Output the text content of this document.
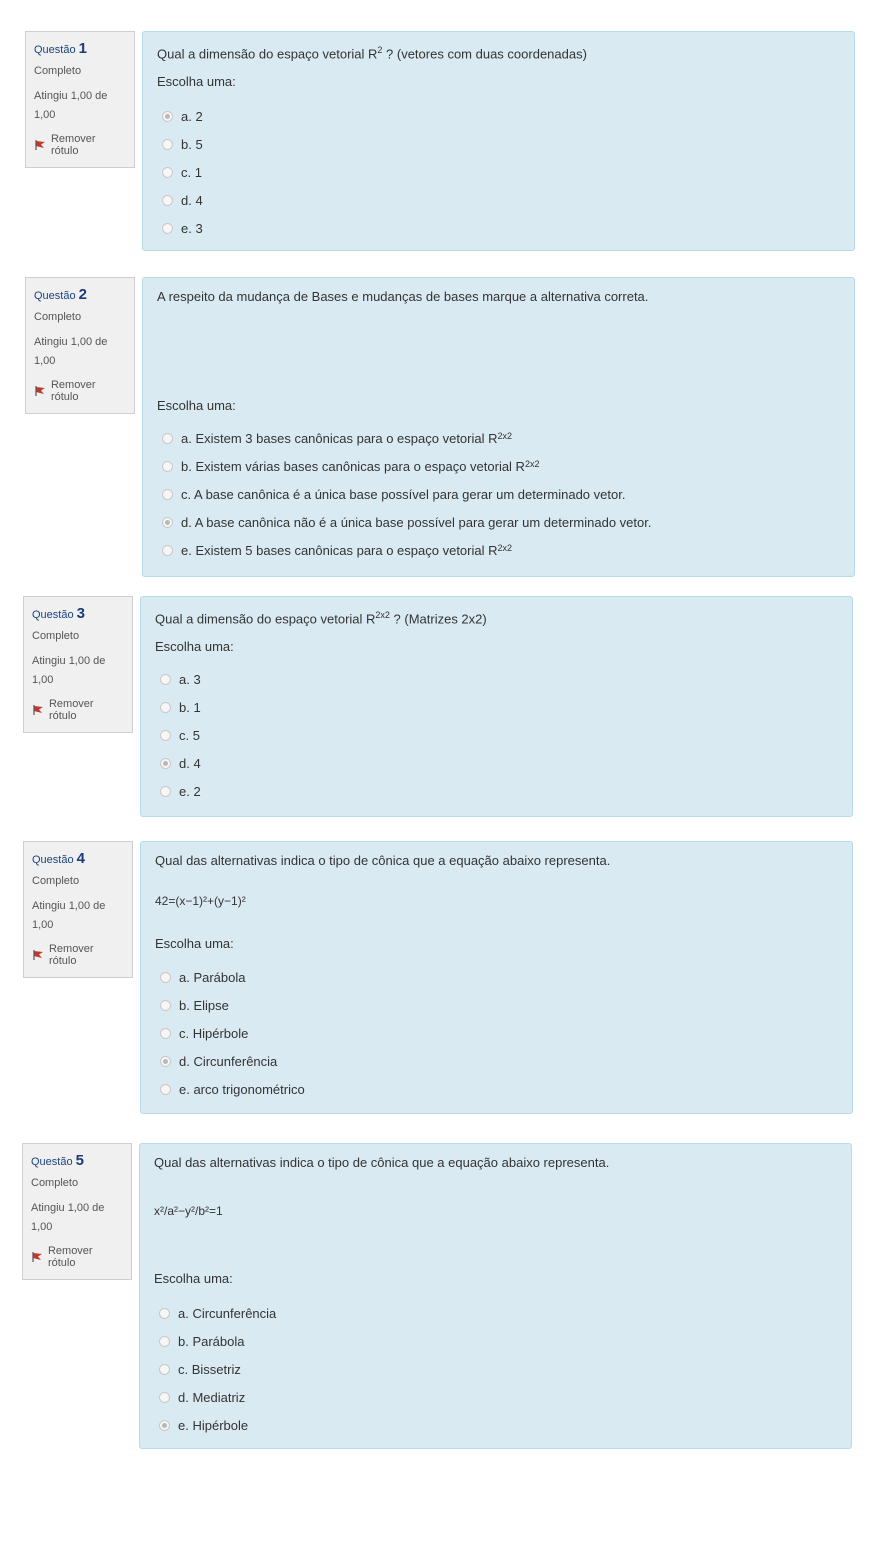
Questão 1
Completo
Atingiu 1,00 de 1,00
Remover rótulo
Qual a dimensão do espaço vetorial $R^2$ ? (vetores com duas coordenadas)
Escolha uma:
a. 2
b. 5
c. 1
d. 4
e. 3
Questão 2
Completo
Atingiu 1,00 de 1,00
Remover rótulo
A respeito da mudança de Bases e mudanças de bases marque a alternativa correta.
Escolha uma:
a. Existem 3 bases canônicas para o espaço vetorial $R^{2x2}$
b. Existem várias bases canônicas para o espaço vetorial $R^{2x2}$
c. A base canônica é a única base possível para gerar um determinado vetor.
d. A base canônica não é a única base possível para gerar um determinado vetor.
e. Existem 5 bases canônicas para o espaço vetorial $R^{2x2}$
Questão 3
Completo
Atingiu 1,00 de 1,00
Remover rótulo
Qual a dimensão do espaço vetorial $R^{2x2}$ ? (Matrizes 2x2)
Escolha uma:
a. 3
b. 1
c. 5
d. 4
e. 2
Questão 4
Completo
Atingiu 1,00 de 1,00
Remover rótulo
Qual das alternativas indica o tipo de cônica que a equação abaixo representa.
42=(x−1)²+(y−1)²
Escolha uma:
a. Parábola
b. Elipse
c. Hipérbole
d. Circunferência
e. arco trigonométrico
Questão 5
Completo
Atingiu 1,00 de 1,00
Remover rótulo
Qual das alternativas indica o tipo de cônica que a equação abaixo representa.
x²/a²−y²/b²=1
Escolha uma:
a. Circunferência
b. Parábola
c. Bissetriz
d. Mediatriz
e. Hipérbole
